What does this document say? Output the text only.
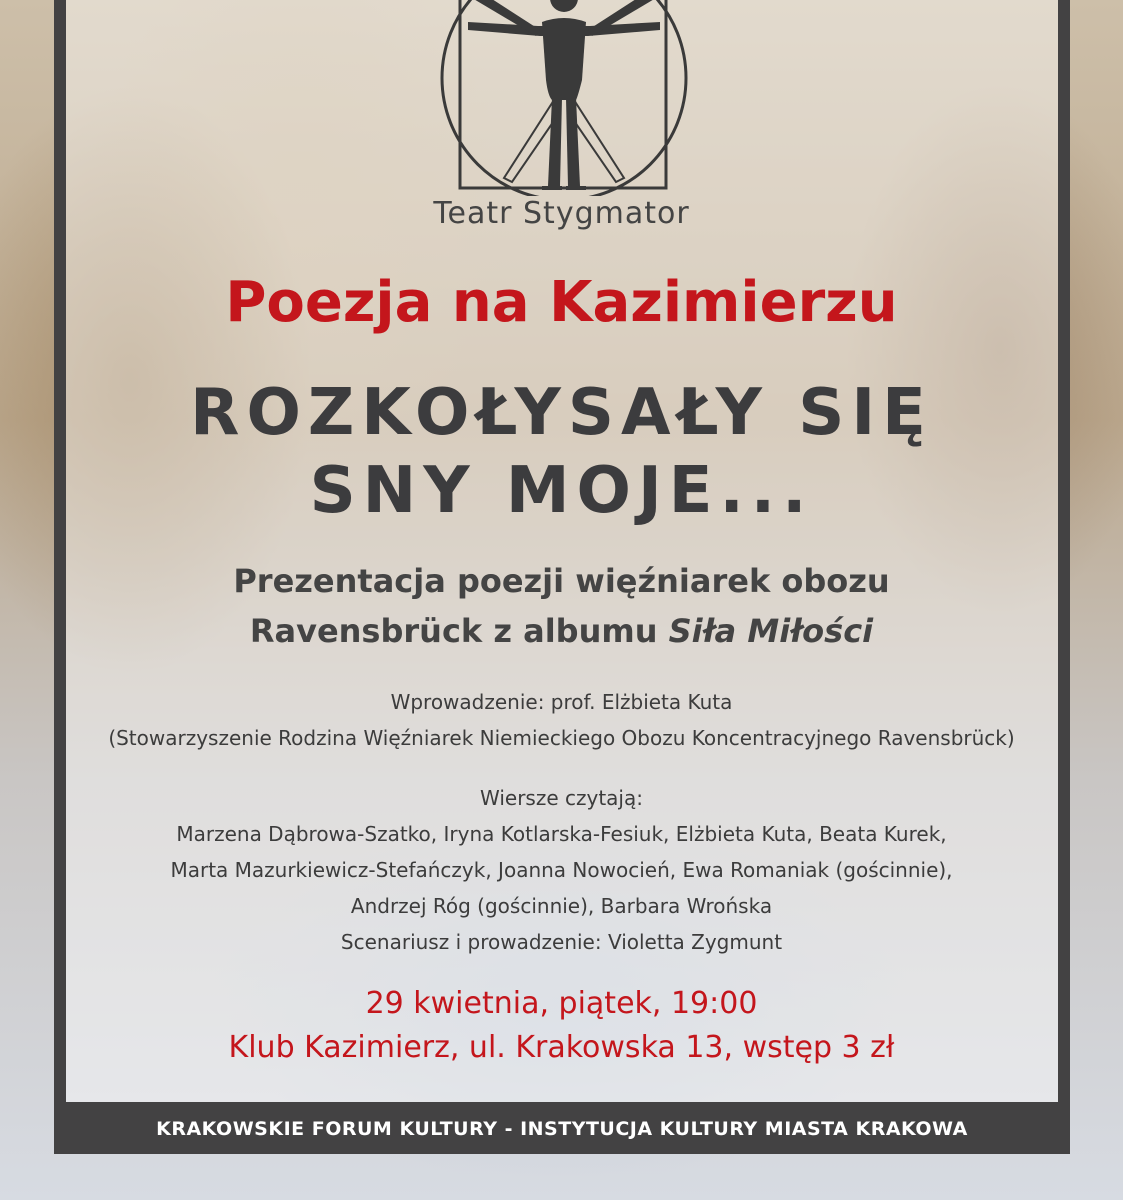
Teatr Stygmator
Poezja na Kazimierzu
ROZKOŁYSAŁY SIĘ
SNY MOJE...
Prezentacja poezji więźniarek obozu
Ravensbrück z albumu Siła Miłości
Wprowadzenie: prof. Elżbieta Kuta
(Stowarzyszenie Rodzina Więźniarek Niemieckiego Obozu Koncentracyjnego Ravensbrück)
Wiersze czytają:
Marzena Dąbrowa-Szatko, Iryna Kotlarska-Fesiuk, Elżbieta Kuta, Beata Kurek,
Marta Mazurkiewicz-Stefańczyk, Joanna Nowocień, Ewa Romaniak (gościnnie),
Andrzej Róg (gościnnie), Barbara Wrońska
Scenariusz i prowadzenie: Violetta Zygmunt
29 kwietnia, piątek, 19:00
Klub Kazimierz, ul. Krakowska 13, wstęp 3 zł
KRAKOWSKIE FORUM KULTURY - INSTYTUCJA KULTURY MIASTA KRAKOWA
